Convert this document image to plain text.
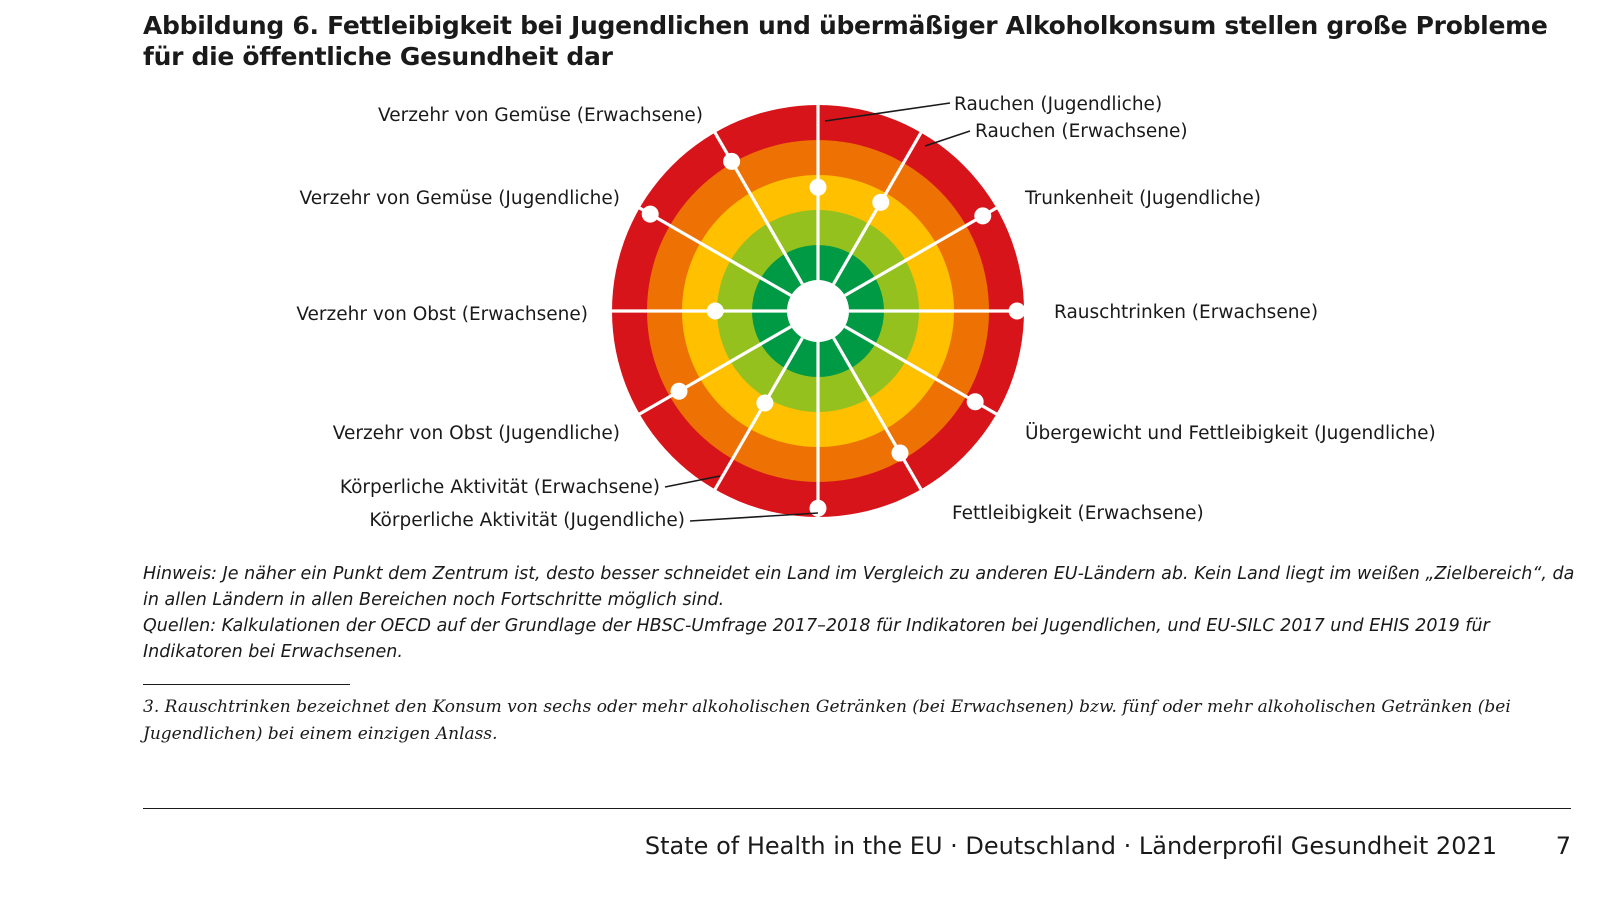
Abbildung 6. Fettleibigkeit bei Jugendlichen und übermäßiger Alkoholkonsum stellen große Probleme für die öffentliche Gesundheit dar
Rauchen (Jugendliche)
Rauchen (Erwachsene)
Trunkenheit (Jugendliche)
Rauschtrinken (Erwachsene)
Übergewicht und Fettleibigkeit (Jugendliche)
Fettleibigkeit (Erwachsene)
Körperliche Aktivität (Jugendliche)
Körperliche Aktivität (Erwachsene)
Verzehr von Obst (Jugendliche)
Verzehr von Obst (Erwachsene)
Verzehr von Gemüse (Jugendliche)
Verzehr von Gemüse (Erwachsene)

Hinweis: Je näher ein Punkt dem Zentrum ist, desto besser schneidet ein Land im Vergleich zu anderen EU-Ländern ab. Kein Land liegt im weißen „Zielbereich“, da in allen Ländern in allen Bereichen noch Fortschritte möglich sind.
Quellen: Kalkulationen der OECD auf der Grundlage der HBSC-Umfrage 2017–2018 für Indikatoren bei Jugendlichen, und EU-SILC 2017 und EHIS 2019 für Indikatoren bei Erwachsenen.

3. Rauschtrinken bezeichnet den Konsum von sechs oder mehr alkoholischen Getränken (bei Erwachsenen) bzw. fünf oder mehr alkoholischen Getränken (bei Jugendlichen) bei einem einzigen Anlass.

State of Health in the EU · Deutschland · Länderprofil Gesundheit 2021	7
